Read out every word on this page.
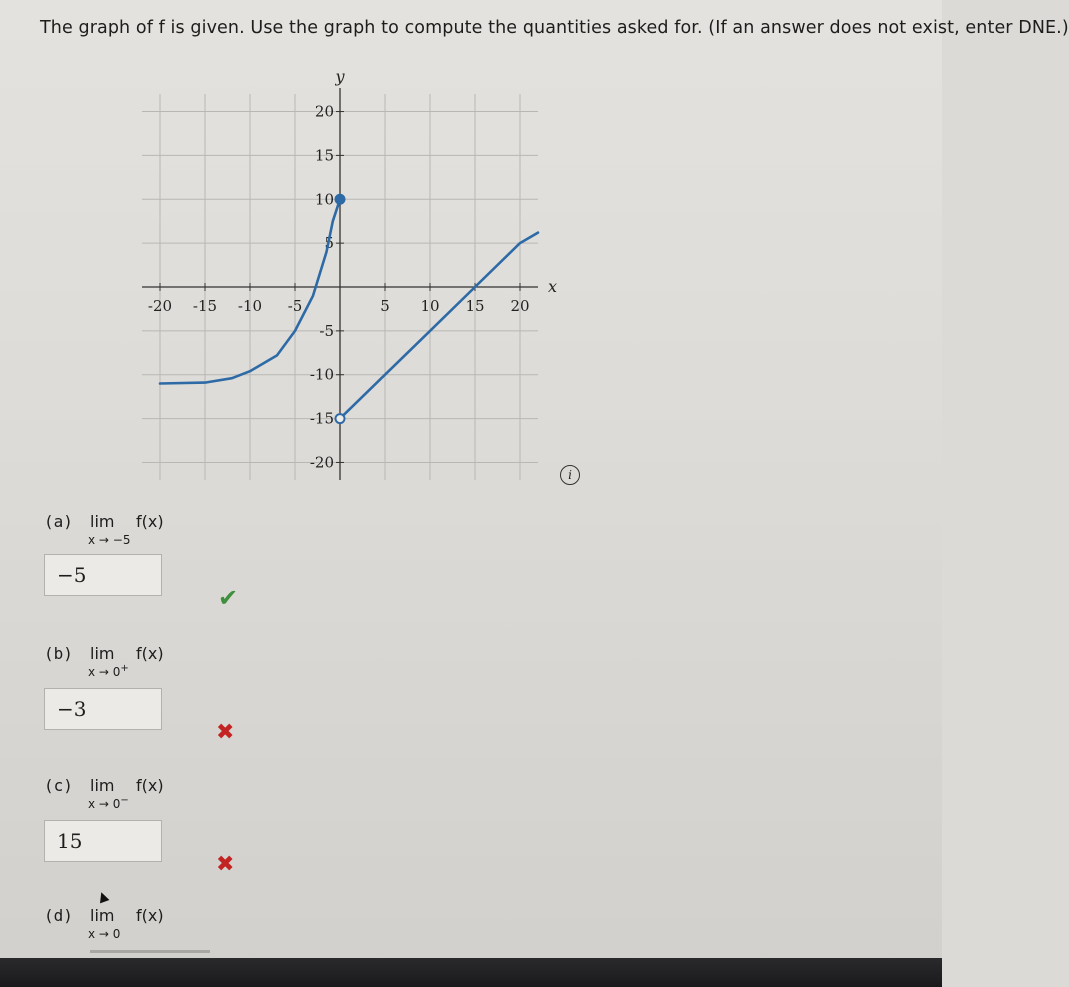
The graph of f is given. Use the graph to compute the quantities asked for. (If an answer does not exist, enter DNE.)
-20 -15 -10 -5	5 10 15 20
20
15
10
5
-5
-10
-15
-20
x
y
i
(a) lim
x → −5
f(x)
−5
✔
(b) lim
x → 0+
f(x)
−3
✖
(c) lim
x → 0−
f(x)
15
✖
(d) lim
x → 0
f(x)
